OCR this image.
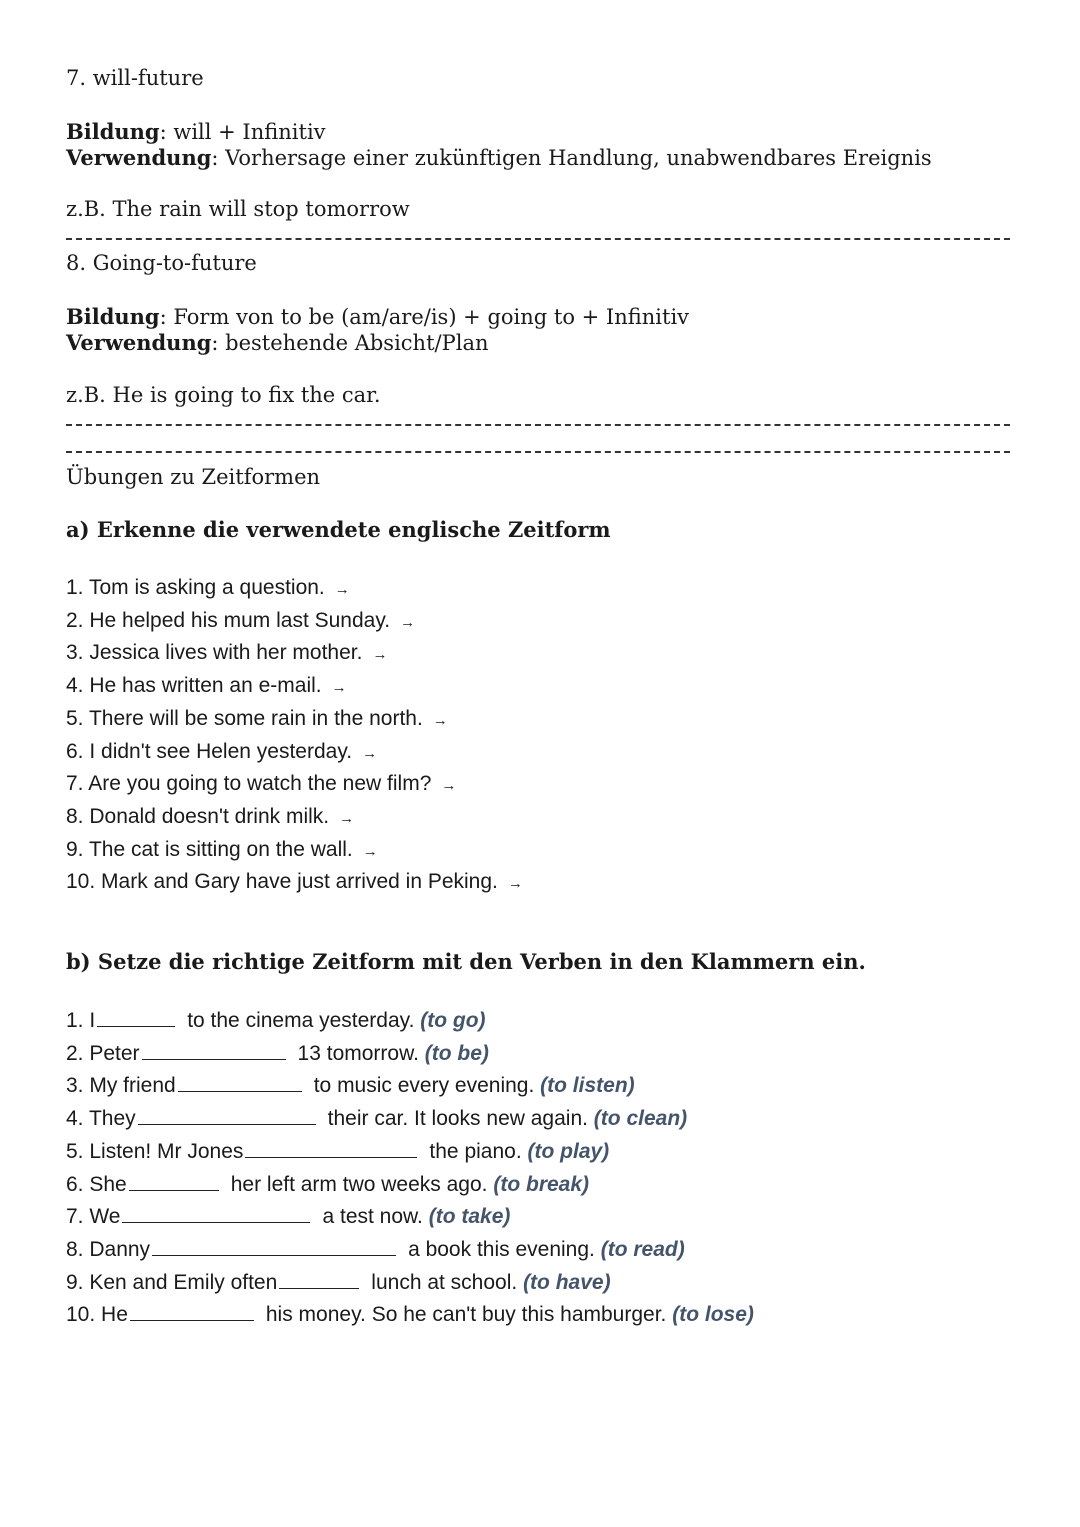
7. will-future
Bildung: will + Infinitiv
Verwendung: Vorhersage einer zukünftigen Handlung, unabwendbares Ereignis
z.B. The rain will stop tomorrow
8. Going-to-future
Bildung: Form von to be (am/are/is) + going to + Infinitiv
Verwendung: bestehende Absicht/Plan
z.B. He is going to fix the car.
Übungen zu Zeitformen
a) Erkenne die verwendete englische Zeitform
1. Tom is asking a question. →
2. He helped his mum last Sunday. →
3. Jessica lives with her mother. →
4. He has written an e-mail. →
5. There will be some rain in the north. →
6. I didn't see Helen yesterday. →
7. Are you going to watch the new film? →
8. Donald doesn't drink milk. →
9. The cat is sitting on the wall. →
10. Mark and Gary have just arrived in Peking. →
b) Setze die richtige Zeitform mit den Verben in den Klammern ein.
1. I	to the cinema yesterday. (to go)
2. Peter	13 tomorrow. (to be)
3. My friend	to music every evening. (to listen)
4. They	their car. It looks new again. (to clean)
5. Listen! Mr Jones	the piano. (to play)
6. She	her left arm two weeks ago. (to break)
7. We	a test now. (to take)
8. Danny	a book this evening. (to read)
9. Ken and Emily often	lunch at school. (to have)
10. He	his money. So he can't buy this hamburger. (to lose)
